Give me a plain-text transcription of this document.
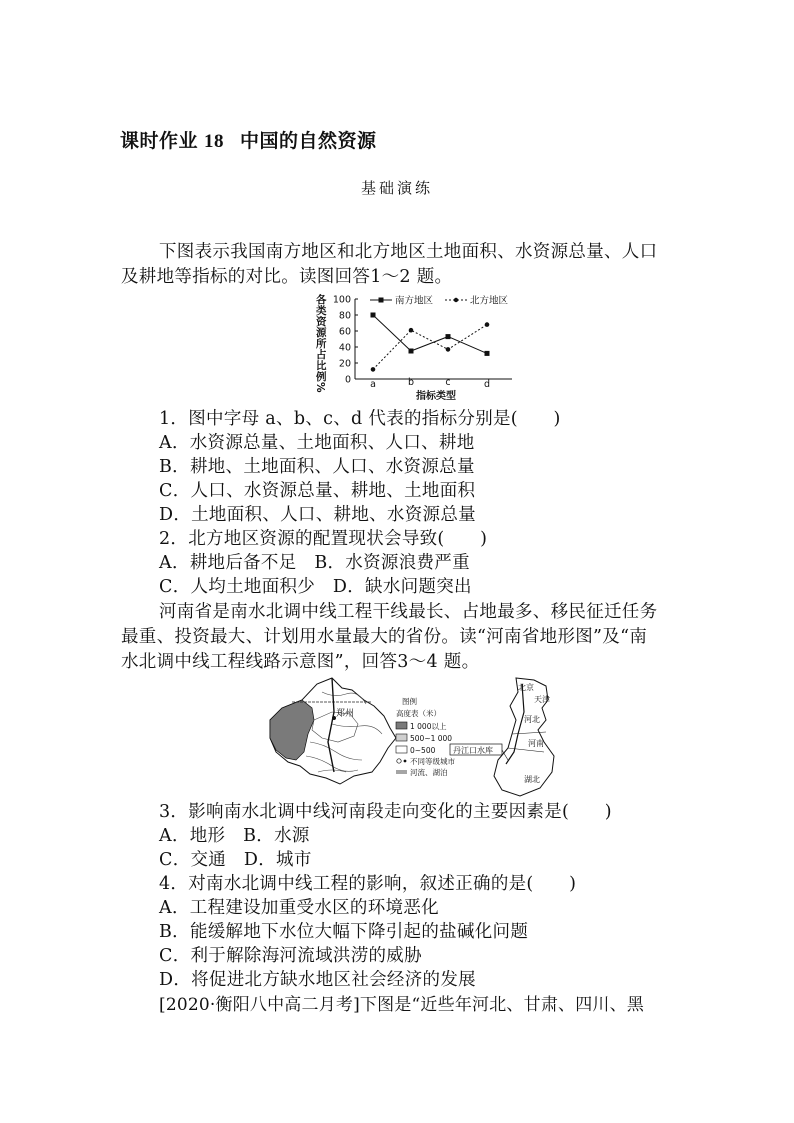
课时作业 18 中国的自然资源
基础演练
下图表示我国南方地区和北方地区土地面积、水资源总量、人口
及耕地等指标的对比。读图回答1～2 题。
各
类
资
源
所
占
比
例
%
100
80
60
40
20
0 a	b	c	d
南方地区	北方地区
指标类型
1．图中字母 a、b、c、d 代表的指标分别是(　　)
A．水资源总量、土地面积、人口、耕地
B．耕地、土地面积、人口、水资源总量
C．人口、水资源总量、耕地、土地面积
D．土地面积、人口、耕地、水资源总量
2．北方地区资源的配置现状会导致(　　)
A．耕地后备不足　B．水资源浪费严重
C．人均土地面积少　D．缺水问题突出
河南省是南水北调中线工程干线最长、占地最多、移民征迁任务
最重、投资最大、计划用水量最大的省份。读“河南省地形图”及“南
水北调中线工程线路示意图”，回答3～4 题。
郑州
图例
高度表（米）
1 000以上
500~1 000
0~500
不同等级城市
河流、湖泊
北京
天津
河北
河南
湖北
丹江口水库
3．影响南水北调中线河南段走向变化的主要因素是(　　)
A．地形　B．水源
C．交通　D．城市
4．对南水北调中线工程的影响，叙述正确的是(　　)
A．工程建设加重受水区的环境恶化
B．能缓解地下水位大幅下降引起的盐碱化问题
C．利于解除海河流域洪涝的威胁
D．将促进北方缺水地区社会经济的发展
[2020·衡阳八中高二月考]下图是“近些年河北、甘肃、四川、黑
